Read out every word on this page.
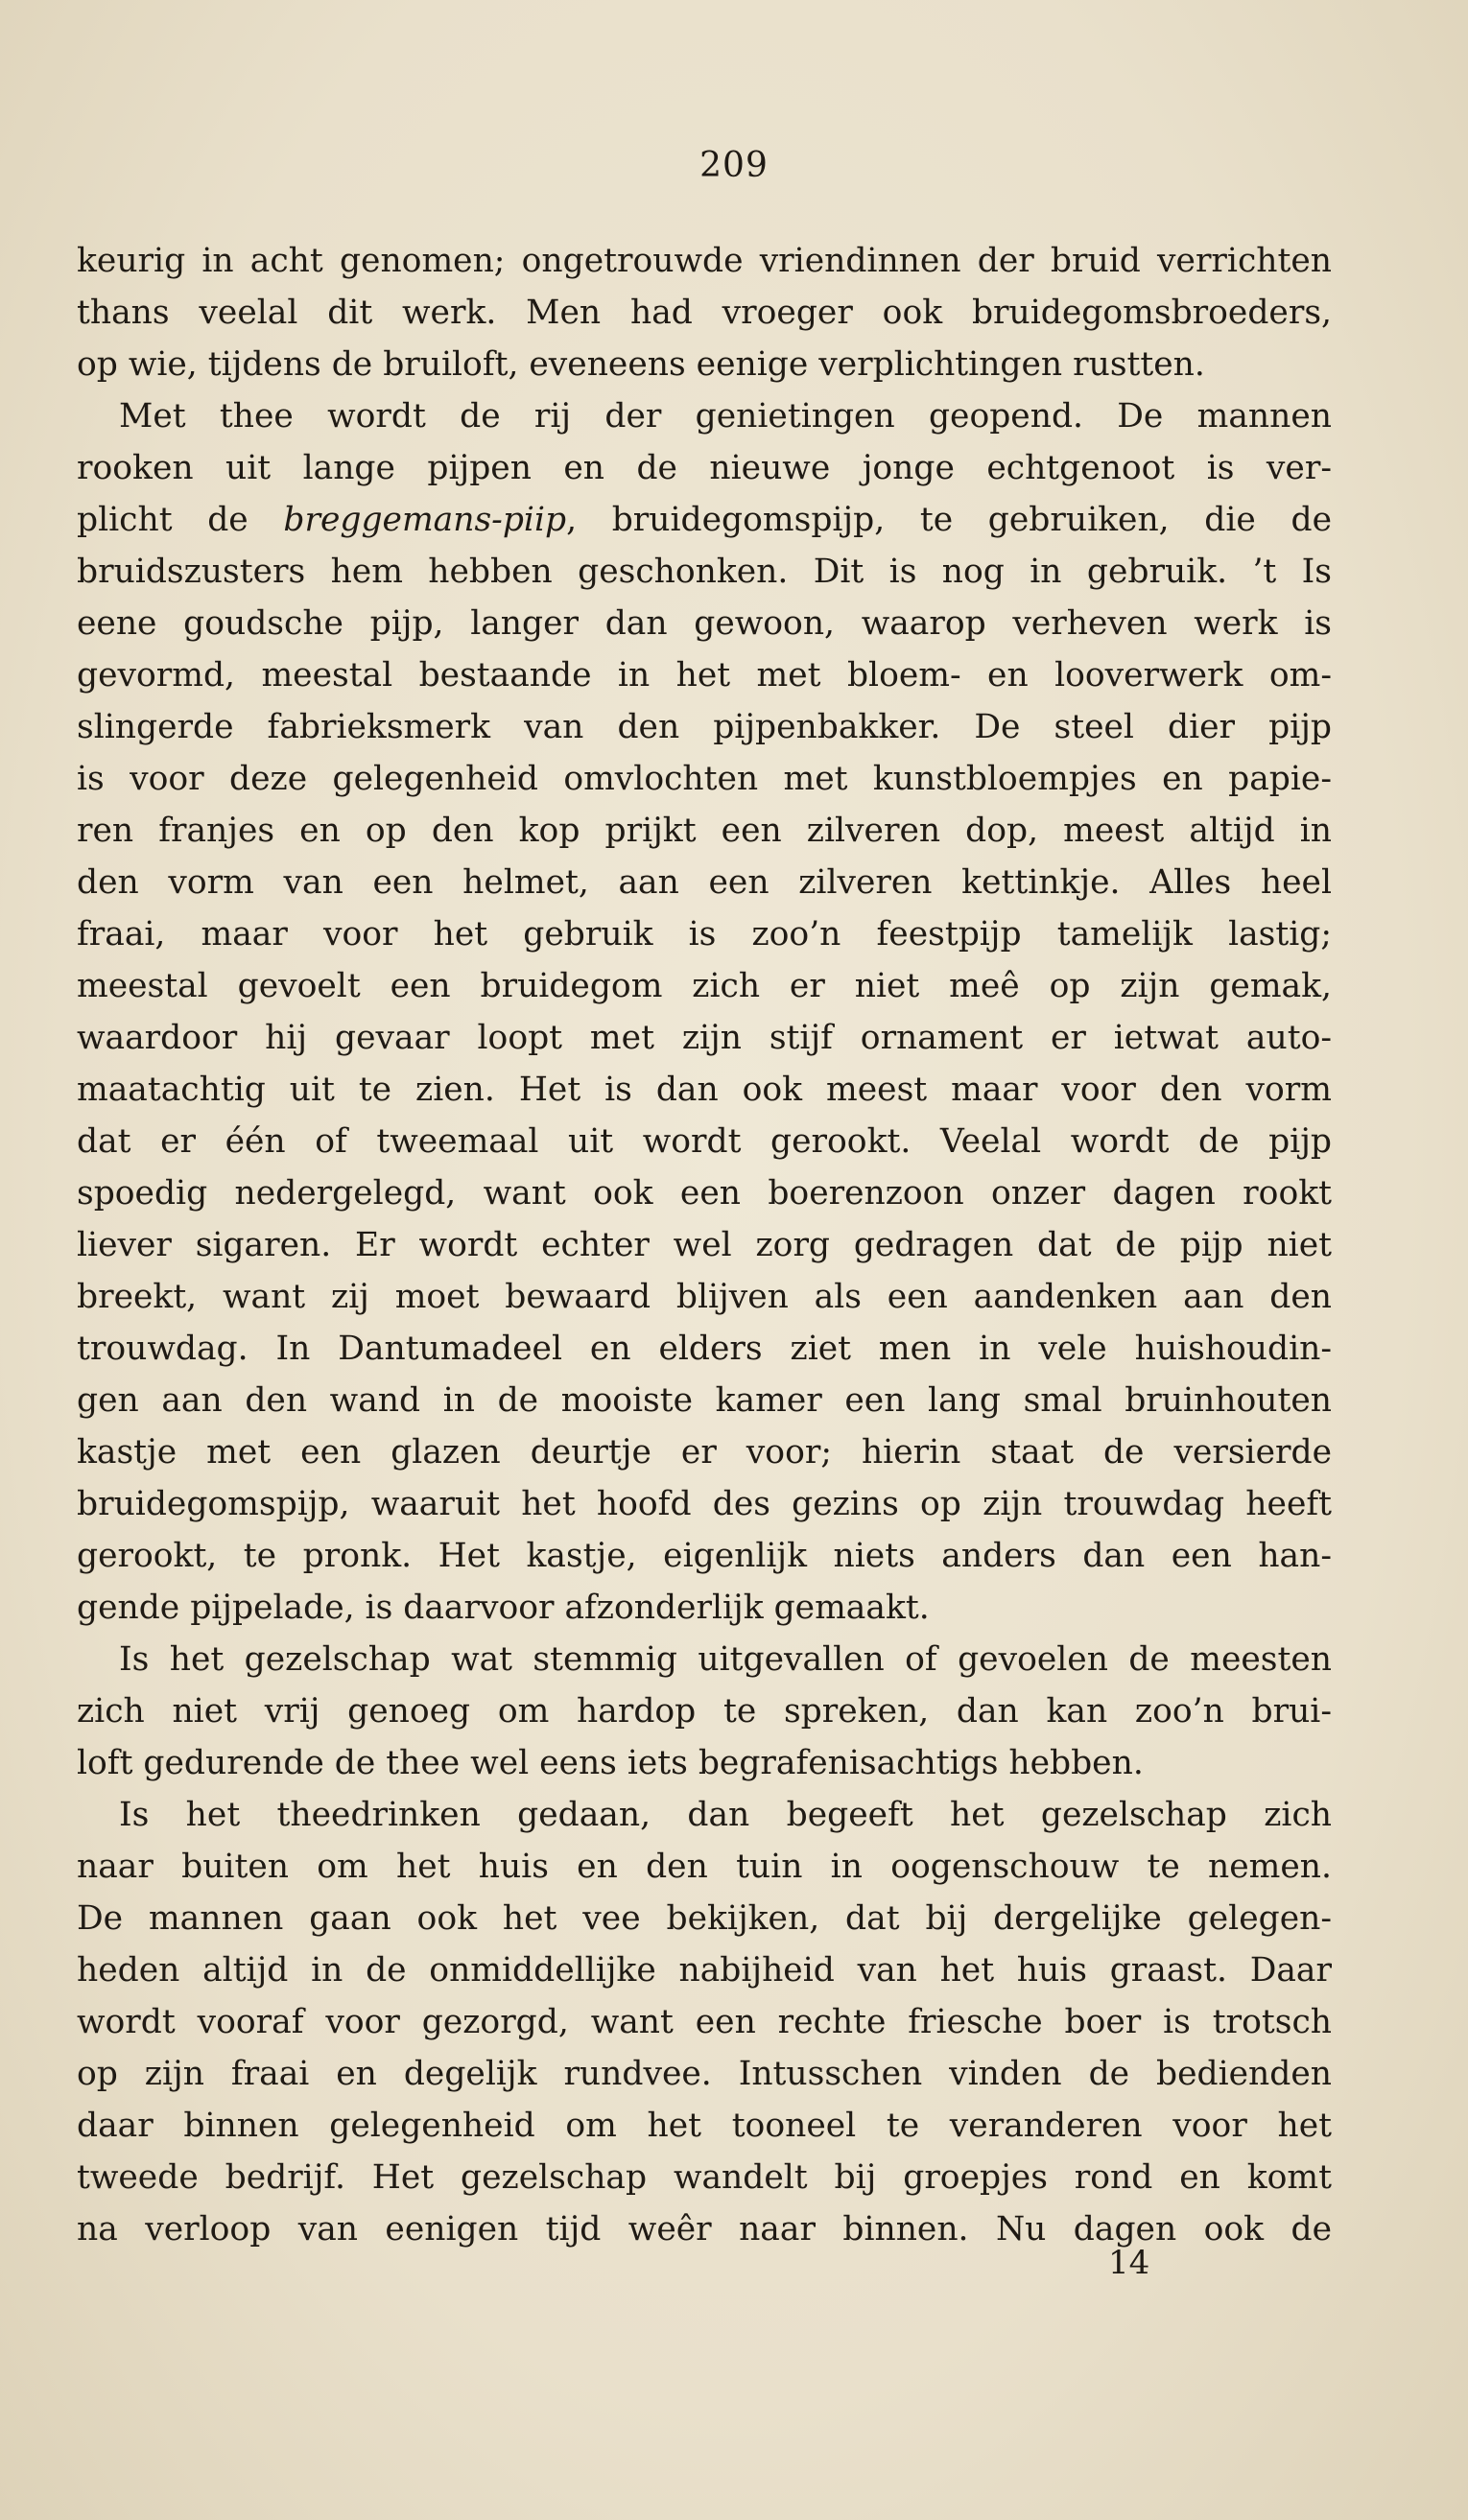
209
keurig in acht genomen; ongetrouwde vriendinnen der bruid verrichten
thans veelal dit werk. Men had vroeger ook bruidegomsbroeders,
op wie, tijdens de bruiloft, eveneens eenige verplichtingen rustten.
Met thee wordt de rij der genietingen geopend. De mannen
rooken uit lange pijpen en de nieuwe jonge echtgenoot is ver-
plicht de breggemans-piip, bruidegomspijp, te gebruiken, die de
bruidszusters hem hebben geschonken. Dit is nog in gebruik. ’t Is
eene goudsche pijp, langer dan gewoon, waarop verheven werk is
gevormd, meestal bestaande in het met bloem- en looverwerk om-
slingerde fabrieksmerk van den pijpenbakker. De steel dier pijp
is voor deze gelegenheid omvlochten met kunstbloempjes en papie-
ren franjes en op den kop prijkt een zilveren dop, meest altijd in
den vorm van een helmet, aan een zilveren kettinkje. Alles heel
fraai, maar voor het gebruik is zoo’n feestpijp tamelijk lastig;
meestal gevoelt een bruidegom zich er niet meê op zijn gemak,
waardoor hij gevaar loopt met zijn stijf ornament er ietwat auto-
maatachtig uit te zien. Het is dan ook meest maar voor den vorm
dat er één of tweemaal uit wordt gerookt. Veelal wordt de pijp
spoedig nedergelegd, want ook een boerenzoon onzer dagen rookt
liever sigaren. Er wordt echter wel zorg gedragen dat de pijp niet
breekt, want zij moet bewaard blijven als een aandenken aan den
trouwdag. In Dantumadeel en elders ziet men in vele huishoudin-
gen aan den wand in de mooiste kamer een lang smal bruinhouten
kastje met een glazen deurtje er voor; hierin staat de versierde
bruidegomspijp, waaruit het hoofd des gezins op zijn trouwdag heeft
gerookt, te pronk. Het kastje, eigenlijk niets anders dan een han-
gende pijpelade, is daarvoor afzonderlijk gemaakt.
Is het gezelschap wat stemmig uitgevallen of gevoelen de meesten
zich niet vrij genoeg om hardop te spreken, dan kan zoo’n brui-
loft gedurende de thee wel eens iets begrafenisachtigs hebben.
Is het theedrinken gedaan, dan begeeft het gezelschap zich
naar buiten om het huis en den tuin in oogenschouw te nemen.
De mannen gaan ook het vee bekijken, dat bij dergelijke gelegen-
heden altijd in de onmiddellijke nabijheid van het huis graast. Daar
wordt vooraf voor gezorgd, want een rechte friesche boer is trotsch
op zijn fraai en degelijk rundvee. Intusschen vinden de bedienden
daar binnen gelegenheid om het tooneel te veranderen voor het
tweede bedrijf. Het gezelschap wandelt bij groepjes rond en komt
na verloop van eenigen tijd weêr naar binnen. Nu dagen ook de
14
